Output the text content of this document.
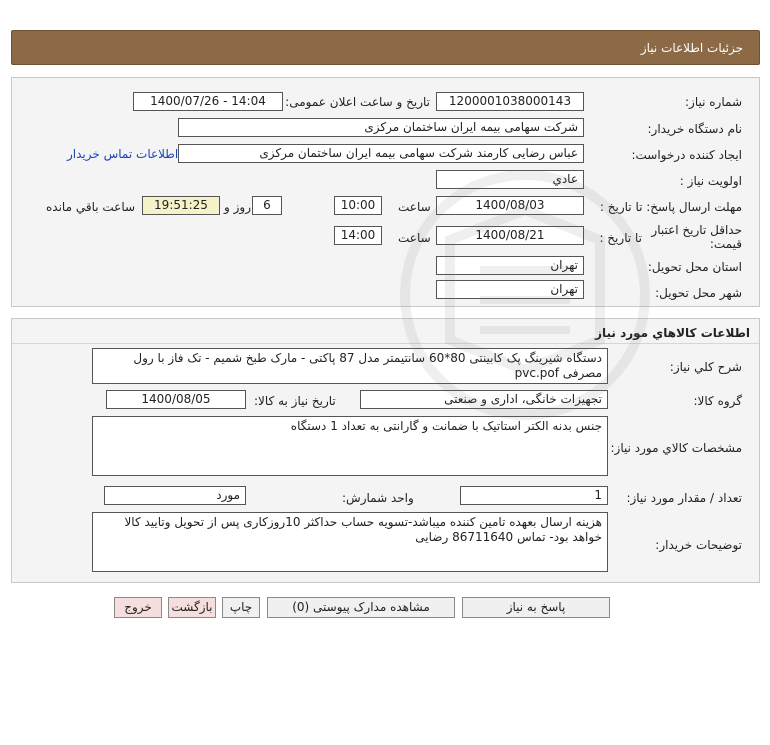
جزئیات اطلاعات نیاز
شماره نیاز:
1200001038000143
تاریخ و ساعت اعلان عمومی:
1400/07/26 - 14:04
نام دستگاه خریدار:
شرکت سهامی بیمه ایران ساختمان مرکزی
ایجاد کننده درخواست:
عباس رضایی کارمند شرکت سهامی بیمه ایران ساختمان مرکزی
اطلاعات تماس خریدار
اولویت نیاز :
عادي
مهلت ارسال پاسخ: تا تاریخ :
1400/08/03
ساعت
10:00
6
روز و
19:51:25
ساعت باقي مانده
حداقل تاریخ اعتبار
قیمت:
تا تاریخ :
1400/08/21
ساعت
14:00
استان محل تحویل:
تهران
شهر محل تحویل:
تهران
اطلاعات كالاهاي مورد نیاز
شرح كلي نیاز:
دستگاه شیرینگ پک کابینتی 80*60 سانتیمتر مدل 87 پاکتی - مارک طبخ شمیم - تک فاز با رول مصرفی pvc.pof
گروه کالا:
تجهیزات خانگی، اداری و صنعتی
تاریخ نیاز به کالا:
1400/08/05
مشخصات كالاي مورد نیاز:
جنس بدنه الکتر استاتیک با ضمانت و گارانتی به تعداد 1 دستگاه
تعداد / مقدار مورد نیاز:
1
واحد شمارش:
مورد
توضیحات خریدار:
هزینه ارسال بعهده تامین کننده میباشد-تسویه حساب حداکثر 10روزکاری پس از تحویل وتایید کالا خواهد بود- تماس 86711640 رضایی
پاسخ به نیاز
مشاهده مدارک پیوستی (0)
چاپ
بازگشت
خروج
